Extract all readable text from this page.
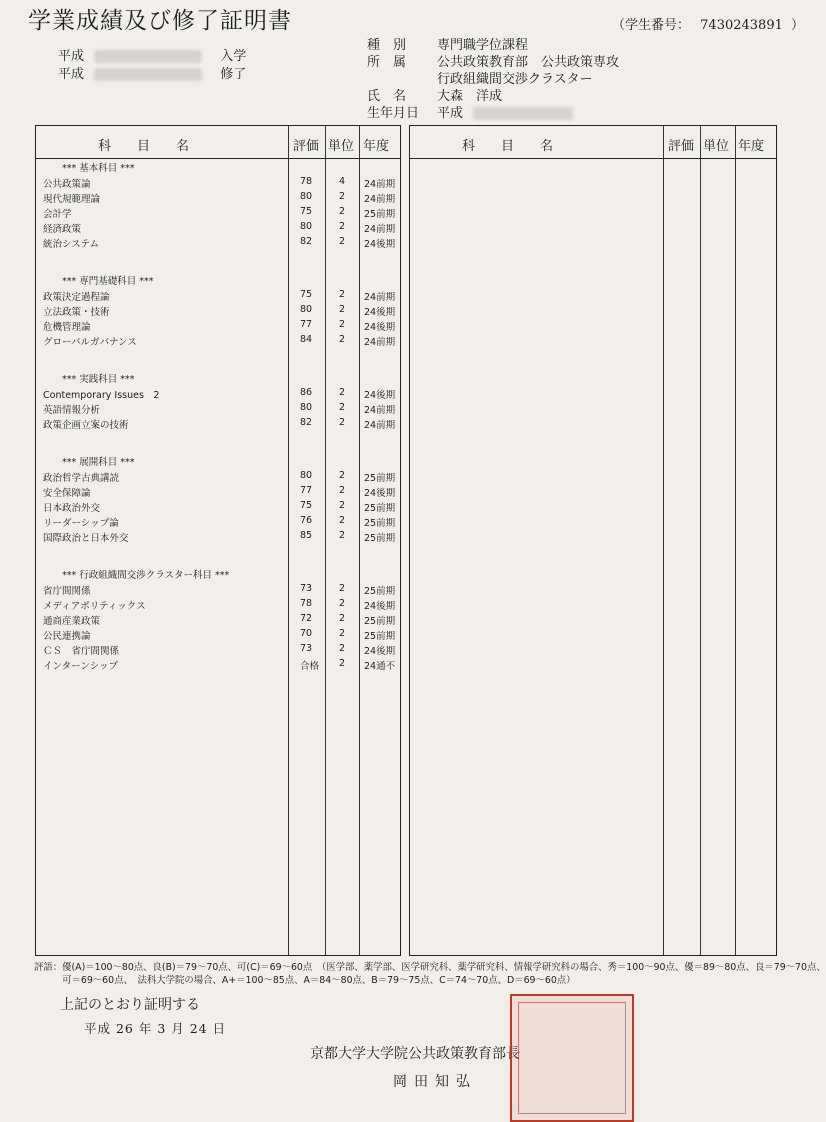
学業成績及び修了証明書	（学生番号： 7430243891 ）
平成	入学
平成	修了
種　別 専門職学位課程
所　属 公共政策教育部　公共政策専攻
行政組織間交渉クラスター
氏　名 大森　洋成
生年月日 平成
科　　目　　名	評価 単位 年度
*** 基本科目 ***
公共政策論	78	4 24前期
現代規範理論	80	2 24前期
会計学	75	2 25前期
経済政策	80	2 24前期
統治システム	82	2 24後期
*** 専門基礎科目 ***
政策決定過程論	75	2 24前期
立法政策・技術	80	2 24後期
危機管理論	77	2 24後期
グローバルガバナンス	84	2 24前期
*** 実践科目 ***
Contemporary Issues　2	86	2 24後期
英語情報分析	80	2 24前期
政策企画立案の技術	82	2 24前期
*** 展開科目 ***
政治哲学古典講読	80	2 25前期
安全保障論	77	2 24後期
日本政治外交	75	2 25前期
リーダーシップ論	76	2 25前期
国際政治と日本外交	85	2 25前期
*** 行政組織間交渉クラスター科目 ***
省庁間関係	73	2 25前期
メディアポリティックス	78	2 24後期
通商産業政策	72	2 25前期
公民連携論	70	2 25前期
ＣＳ　省庁間関係	73	2 24後期
インターンシップ	合格 2 24通不
科　　目　　名	評価 単位 年度
評語：優(A)＝100～80点、良(B)＝79～70点、可(C)＝69～60点　（医学部、薬学部、医学研究科、薬学研究科、情報学研究科の場合、秀＝100～90点、優＝89～80点、良＝79～70点、
　　　可＝69～60点、　法科大学院の場合、A+＝100～85点、A＝84～80点、B＝79～75点、C＝74～70点、D＝69～60点）
上記のとおり証明する
平成 26 年 3 月 24 日
京都大学大学院公共政策教育部長
岡田知弘
